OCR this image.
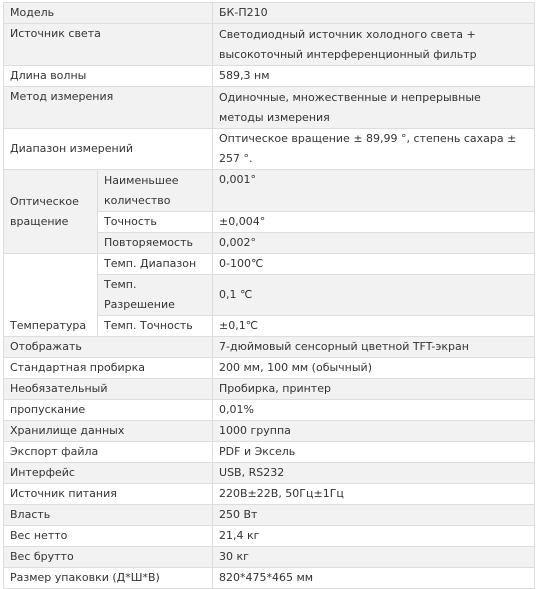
Модель		БК-П210
Источник света		Светодиодный источник холодного света + высокоточный интерференционный фильтр
Длина волны		589,3 нм
Метод измерения		Одиночные, множественные и непрерывные методы измерения
Диапазон измерений		Оптическое вращение ± 89,99 °, степень сахара ± 257 °.
Оптическое вращение	Наименьшее количество	0,001°
	Точность	±0,004°
	Повторяемость	0,002°
Температура	Темп. Диапазон	0-100℃
	Темп. Разрешение	0,1 ℃
	Темп. Точность	±0,1℃
Отображать		7-дюймовый сенсорный цветной TFT-экран
Стандартная пробирка		200 мм, 100 мм (обычный)
Необязательный		Пробирка, принтер
пропускание		0,01%
Хранилище данных		1000 группа
Экспорт файла		PDF и Эксель
Интерфейс		USB, RS232
Источник питания		220В±22В, 50Гц±1Гц
Власть		250 Вт
Вес нетто		21,4 кг
Вес брутто		30 кг
Размер упаковки (Д*Ш*В)		820*475*465 мм
